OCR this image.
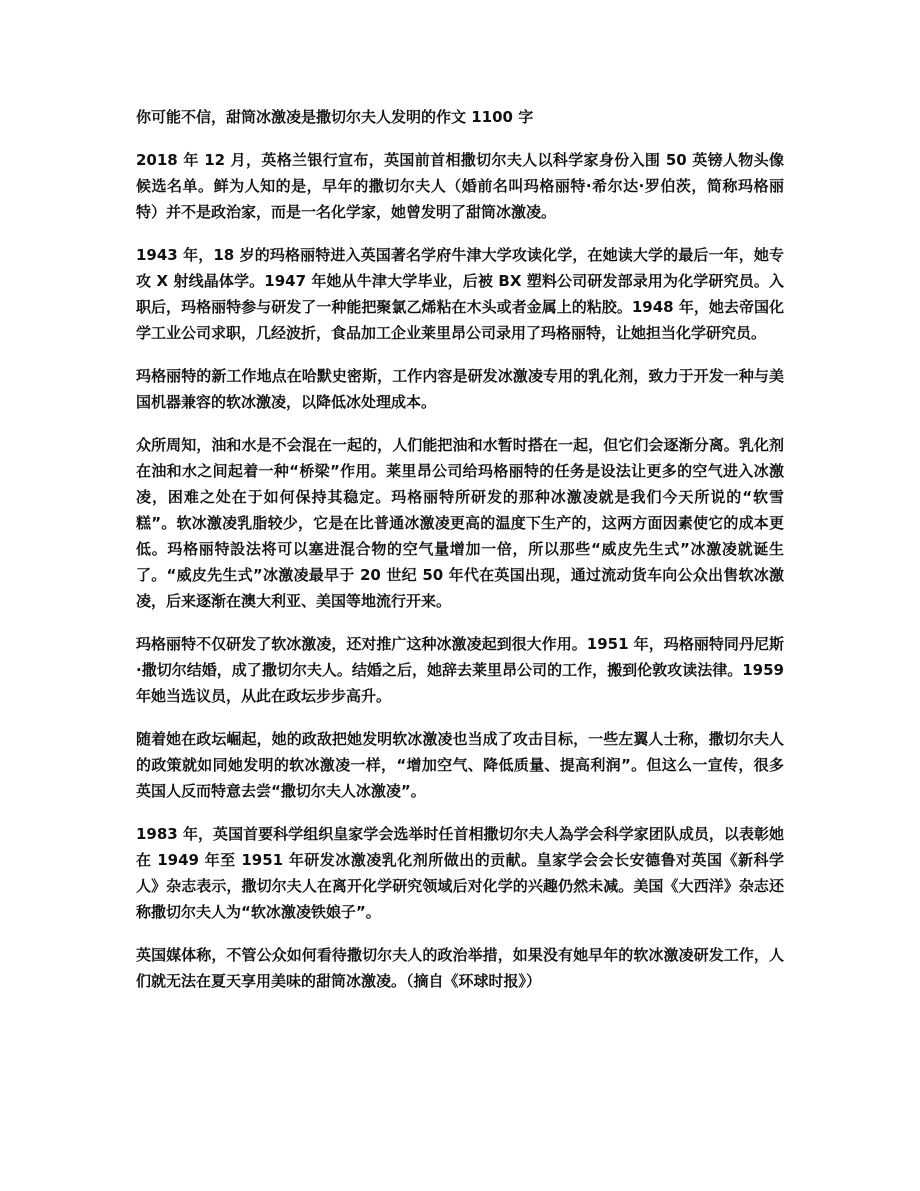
你可能不信，甜筒冰激凌是撒切尔夫人发明的作文 1100 字

2018 年 12 月，英格兰银行宣布，英国前首相撒切尔夫人以科学家身份入围 50 英镑人物头像候选名单。鲜为人知的是，早年的撒切尔夫人（婚前名叫玛格丽特·希尔达·罗伯茨，简称玛格丽特）并不是政治家，而是一名化学家，她曾发明了甜筒冰激凌。

1943 年，18 岁的玛格丽特进入英国著名学府牛津大学攻读化学，在她读大学的最后一年，她专攻 X 射线晶体学。1947 年她从牛津大学毕业，后被 BX 塑料公司研发部录用为化学研究员。入职后，玛格丽特参与研发了一种能把聚氯乙烯粘在木头或者金属上的粘胶。1948 年，她去帝国化学工业公司求职，几经波折，食品加工企业莱里昂公司录用了玛格丽特，让她担当化学研究员。

玛格丽特的新工作地点在哈默史密斯，工作内容是研发冰激凌专用的乳化剂，致力于开发一种与美国机器兼容的软冰激凌，以降低冰处理成本。

众所周知，油和水是不会混在一起的，人们能把油和水暂时搭在一起，但它们会逐渐分离。乳化剂在油和水之间起着一种“桥梁”作用。莱里昂公司给玛格丽特的任务是设法让更多的空气进入冰激凌，困难之处在于如何保持其稳定。玛格丽特所研发的那种冰激凌就是我们今天所说的“软雪糕”。软冰激凌乳脂较少，它是在比普通冰激凌更高的温度下生产的，这两方面因素使它的成本更低。玛格丽特設法将可以塞进混合物的空气量增加一倍，所以那些“威皮先生式”冰激凌就诞生了。“威皮先生式”冰激凌最早于 20 世纪 50 年代在英国出现，通过流动货车向公众出售软冰激凌，后来逐渐在澳大利亚、美国等地流行开来。

玛格丽特不仅研发了软冰激凌，还对推广这种冰激凌起到很大作用。1951 年，玛格丽特同丹尼斯·撒切尔结婚，成了撒切尔夫人。结婚之后，她辞去莱里昂公司的工作，搬到伦敦攻读法律。1959 年她当选议员，从此在政坛步步高升。

随着她在政坛崛起，她的政敌把她发明软冰激凌也当成了攻击目标，一些左翼人士称，撒切尔夫人的政策就如同她发明的软冰激凌一样，“增加空气、降低质量、提高利润”。但这么一宣传，很多英国人反而特意去尝“撒切尔夫人冰激凌”。

1983 年，英国首要科学组织皇家学会选举时任首相撒切尔夫人為学会科学家团队成员，以表彰她在 1949 年至 1951 年研发冰激凌乳化剂所做出的贡献。皇家学会会长安德鲁对英国《新科学人》杂志表示，撒切尔夫人在离开化学研究领域后对化学的兴趣仍然未减。美国《大西洋》杂志还称撒切尔夫人为“软冰激凌铁娘子”。

英国媒体称，不管公众如何看待撒切尔夫人的政治举措，如果没有她早年的软冰激凌研发工作，人们就无法在夏天享用美味的甜筒冰激凌。（摘自《环球时报》）
